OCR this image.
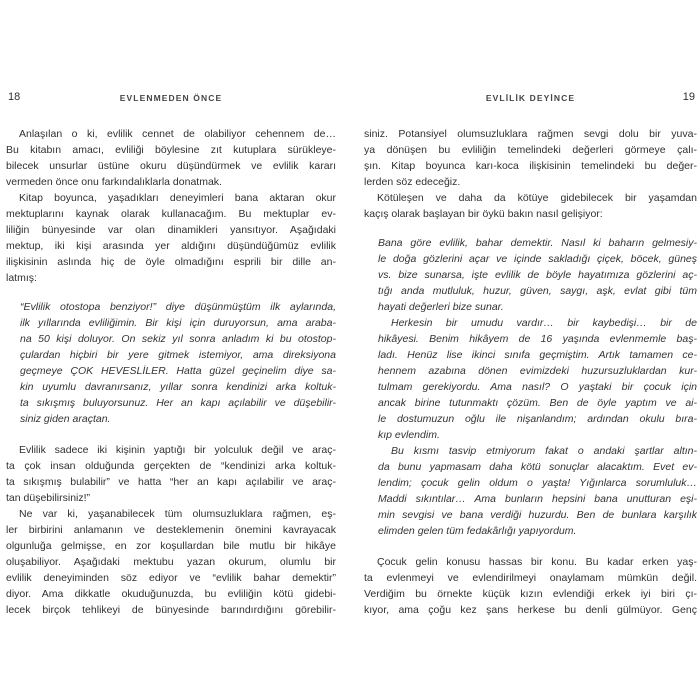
18	EVLENMEDEN ÖNCE
Anlaşılan o ki, evlilik cennet de olabiliyor cehennem de…
Bu kitabın amacı, evliliği böylesine zıt kutuplara sürükleye-
bilecek unsurlar üstüne okuru düşündürmek ve evlilik kararı
vermeden önce onu farkındalıklarla donatmak.
Kitap boyunca, yaşadıkları deneyimleri bana aktaran okur
mektuplarını kaynak olarak kullanacağım. Bu mektuplar ev-
liliğin bünyesinde var olan dinamikleri yansıtıyor. Aşağıdaki
mektup, iki kişi arasında yer aldığını düşündüğümüz evlilik
ilişkisinin aslında hiç de öyle olmadığını esprili bir dille an-
latmış:
“Evlilik otostopa benziyor!” diye düşünmüştüm ilk aylarında,
ilk yıllarında evliliğimin. Bir kişi için duruyorsun, ama araba-
na 50 kişi doluyor. On sekiz yıl sonra anladım ki bu otostop-
çulardan hiçbiri bir yere gitmek istemiyor, ama direksiyona
geçmeye ÇOK HEVESLİLER. Hatta güzel geçinelim diye sa-
kin uyumlu davranırsanız, yıllar sonra kendinizi arka koltuk-
ta sıkışmış buluyorsunuz. Her an kapı açılabilir ve düşebilir-
siniz giden araçtan.
Evlilik sadece iki kişinin yaptığı bir yolculuk değil ve araç-
ta çok insan olduğunda gerçekten de “kendinizi arka koltuk-
ta sıkışmış bulabilir” ve hatta “her an kapı açılabilir ve araç-
tan düşebilirsiniz!”
Ne var ki, yaşanabilecek tüm olumsuzluklara rağmen, eş-
ler birbirini anlamanın ve desteklemenin önemini kavrayacak
olgunluğa gelmişse, en zor koşullardan bile mutlu bir hikâye
oluşabiliyor. Aşağıdaki mektubu yazan okurum, olumlu bir
evlilik deneyiminden söz ediyor ve “evlilik bahar demektir”
diyor. Ama dikkatle okuduğunuzda, bu evliliğin kötü gidebi-
lecek birçok tehlikeyi de bünyesinde barındırdığını görebilir-
EVLİLİK DEYİNCE	19
siniz. Potansiyel olumsuzluklara rağmen sevgi dolu bir yuva-
ya dönüşen bu evliliğin temelindeki değerleri görmeye çalı-
şın. Kitap boyunca karı-koca ilişkisinin temelindeki bu değer-
lerden söz edeceğiz.
Kötüleşen ve daha da kötüye gidebilecek bir yaşamdan
kaçış olarak başlayan bir öykü bakın nasıl gelişiyor:
Bana göre evlilik, bahar demektir. Nasıl ki baharın gelmesiy-
le doğa gözlerini açar ve içinde sakladığı çiçek, böcek, güneş
vs. bize sunarsa, işte evlilik de böyle hayatımıza gözlerini aç-
tığı anda mutluluk, huzur, güven, saygı, aşk, evlat gibi tüm
hayati değerleri bize sunar.
Herkesin bir umudu vardır… bir kaybedişi… bir de
hikâyesi. Benim hikâyem de 16 yaşında evlenmemle baş-
ladı. Henüz lise ikinci sınıfa geçmiştim. Artık tamamen ce-
hennem azabına dönen evimizdeki huzursuzluklardan kur-
tulmam gerekiyordu. Ama nasıl? O yaştaki bir çocuk için
ancak birine tutunmaktı çözüm. Ben de öyle yaptım ve ai-
le dostumuzun oğlu ile nişanlandım; ardından okulu bıra-
kıp evlendim.
Bu kısmı tasvip etmiyorum fakat o andaki şartlar altın-
da bunu yapmasam daha kötü sonuçlar alacaktım. Evet ev-
lendim; çocuk gelin oldum o yaşta! Yığınlarca sorumluluk…
Maddi sıkıntılar… Ama bunların hepsini bana unutturan eşi-
min sevgisi ve bana verdiği huzurdu. Ben de bunlara karşılık
elimden gelen tüm fedakârlığı yapıyordum.
Çocuk gelin konusu hassas bir konu. Bu kadar erken yaş-
ta evlenmeyi ve evlendirilmeyi onaylamam mümkün değil.
Verdiğim bu örnekte küçük kızın evlendiği erkek iyi biri çı-
kıyor, ama çoğu kez şans herkese bu denli gülmüyor. Genç
